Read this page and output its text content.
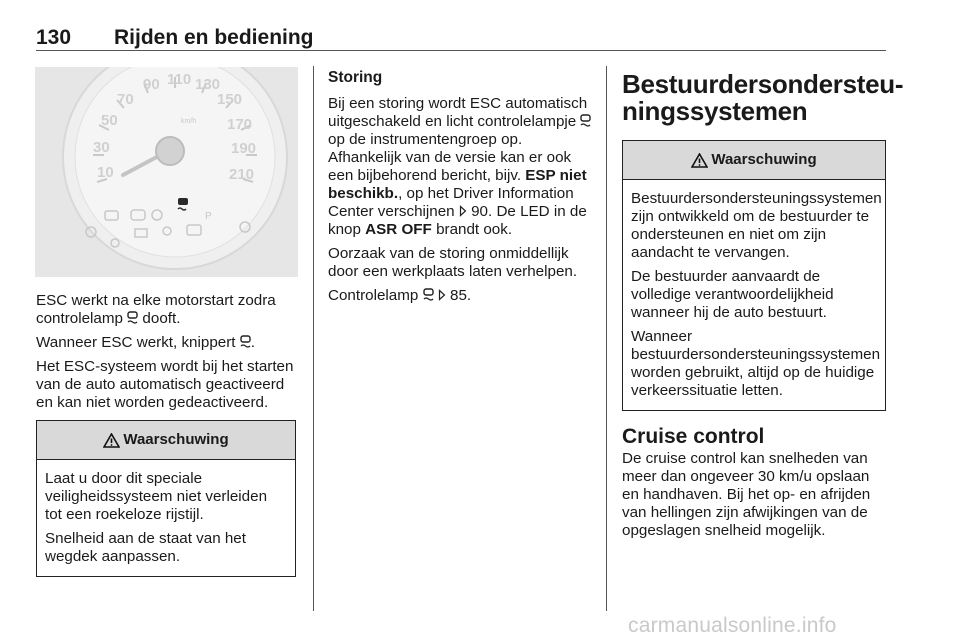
130 Rijden en bediening
10
30
50
70
90 110 130
150
170
190
210
km/h
P

ESC werkt na elke motorstart zodra controlelamp dooft.

Wanneer ESC werkt, knippert .

Het ESC-systeem wordt bij het starten van de auto automatisch geactiveerd en kan niet worden gedeactiveerd.

Waarschuwing

Laat u door dit speciale veiligheidssysteem niet verleiden tot een roekeloze rijstijl.

Snelheid aan de staat van het wegdek aanpassen.

Storing

Bij een storing wordt ESC automatisch uitgeschakeld en licht controlelampje  op de instrumentengroep op. Afhankelijk van de versie kan er ook een bijbehorend bericht, bijv. ESP niet beschikb., op het Driver Information Center verschijnen 90. De LED in de knop ASR OFF brandt ook.

Oorzaak van de storing onmiddellijk door een werkplaats laten verhelpen.

Controlelamp 85.

Bestuurdersondersteu-
ningssystemen
Waarschuwing

Bestuurdersondersteuningssystemen zijn ontwikkeld om de bestuurder te ondersteunen en niet om zijn aandacht te vervangen.

De bestuurder aanvaardt de volledige verantwoordelijkheid wanneer hij de auto bestuurt.

Wanneer bestuurdersondersteuningssystemen worden gebruikt, altijd op de huidige verkeerssituatie letten.

Cruise control

De cruise control kan snelheden van meer dan ongeveer 30 km/u opslaan en handhaven. Bij het op- en afrijden van hellingen zijn afwijkingen van de opgeslagen snelheid mogelijk.

carmanualsonline.info
